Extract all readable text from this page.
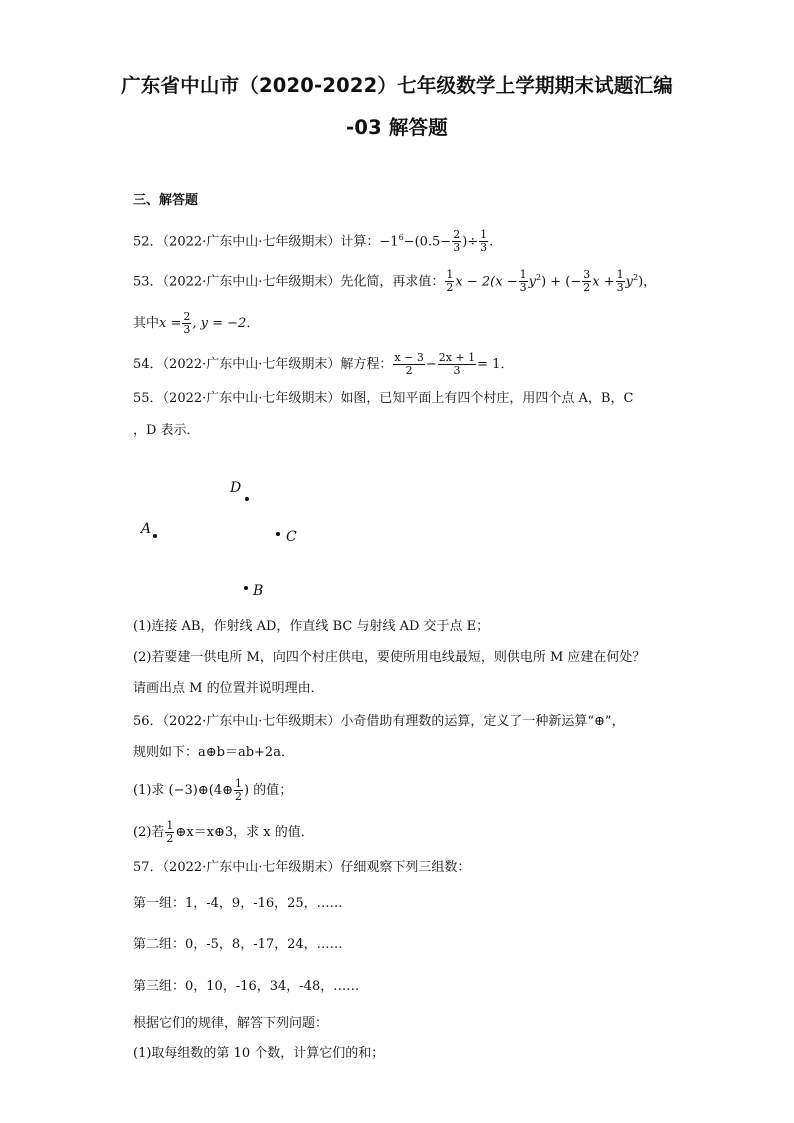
广东省中山市（2020-2022）七年级数学上学期期末试题汇编
-03 解答题
三、解答题
52．（2022·广东中山·七年级期末）计算：$-1^6-(0.5- \frac{2}{3}$ )÷ $\frac{1}{3}$ .
53．（2022·广东中山·七年级期末）先化简，再求值： $\frac{1}{2}$ $x - 2(x - \frac{1}{3} y^2)$ + (− $\frac{3}{2}$ $x + \frac{1}{3} y^2$)，
其中$x = \frac{2}{3}$ , y = −2．
54．（2022·广东中山·七年级期末）解方程： $\frac{x - 3}{2} - \frac{2x + 1}{3} = 1$．
55．（2022·广东中山·七年级期末）如图，已知平面上有四个村庄，用四个点 A，B，C
，D 表示．
D
A	C
B
(1)连接 AB，作射线 AD，作直线 BC 与射线 AD 交于点 E；
(2)若要建一供电所 M，向四个村庄供电，要使所用电线最短，则供电所 M 应建在何处？
请画出点 M 的位置并说明理由．
56．（2022·广东中山·七年级期末）小奇借助有理数的运算，定义了一种新运算“⊕”，
规则如下：a⊕b＝ab+2a．
(1)求 (−3)⊕(4⊕ $\frac{1}{2}$ ) 的值；
(2)若 $\frac{1}{2}$ ⊕x＝x⊕3，求 x 的值．
57．（2022·广东中山·七年级期末）仔细观察下列三组数：
第一组：1，-4，9，-16，25，……
第二组：0，-5，8，-17，24，……
第三组：0，10，-16，34，-48，……
根据它们的规律，解答下列问题：
(1)取每组数的第 10 个数，计算它们的和；
